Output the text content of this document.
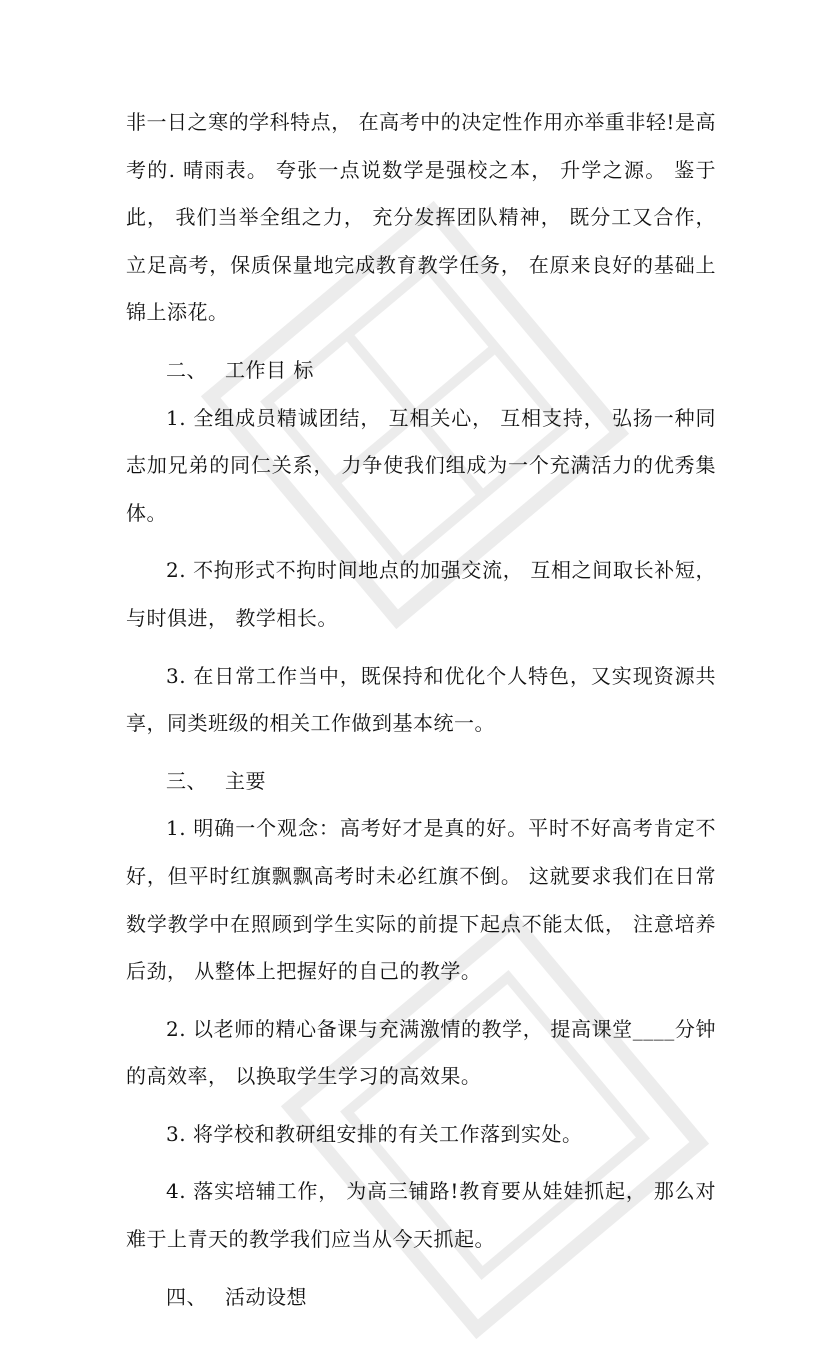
非一日之寒的学科特点， 在高考中的决定性作用亦举重非轻!是高考的. 晴雨表。 夸张一点说数学是强校之本， 升学之源。 鉴于此， 我们当举全组之力， 充分发挥团队精神， 既分工又合作， 立足高考，保质保量地完成教育教学任务， 在原来良好的基础上锦上添花。

二、 工作目 标

1. 全组成员精诚团结， 互相关心， 互相支持， 弘扬一种同志加兄弟的同仁关系， 力争使我们组成为一个充满活力的优秀集体。

2. 不拘形式不拘时间地点的加强交流， 互相之间取长补短， 与时俱进， 教学相长。

3. 在日常工作当中，既保持和优化个人特色，又实现资源共享，同类班级的相关工作做到基本统一。

三、 主要

1. 明确一个观念：高考好才是真的好。平时不好高考肯定不好，但平时红旗飘飘高考时未必红旗不倒。 这就要求我们在日常数学教学中在照顾到学生实际的前提下起点不能太低， 注意培养后劲， 从整体上把握好的自己的教学。

2. 以老师的精心备课与充满激情的教学， 提高课堂____分钟的高效率， 以换取学生学习的高效果。

3. 将学校和教研组安排的有关工作落到实处。

4. 落实培辅工作， 为高三铺路!教育要从娃娃抓起， 那么对难于上青天的教学我们应当从今天抓起。

四、 活动设想
